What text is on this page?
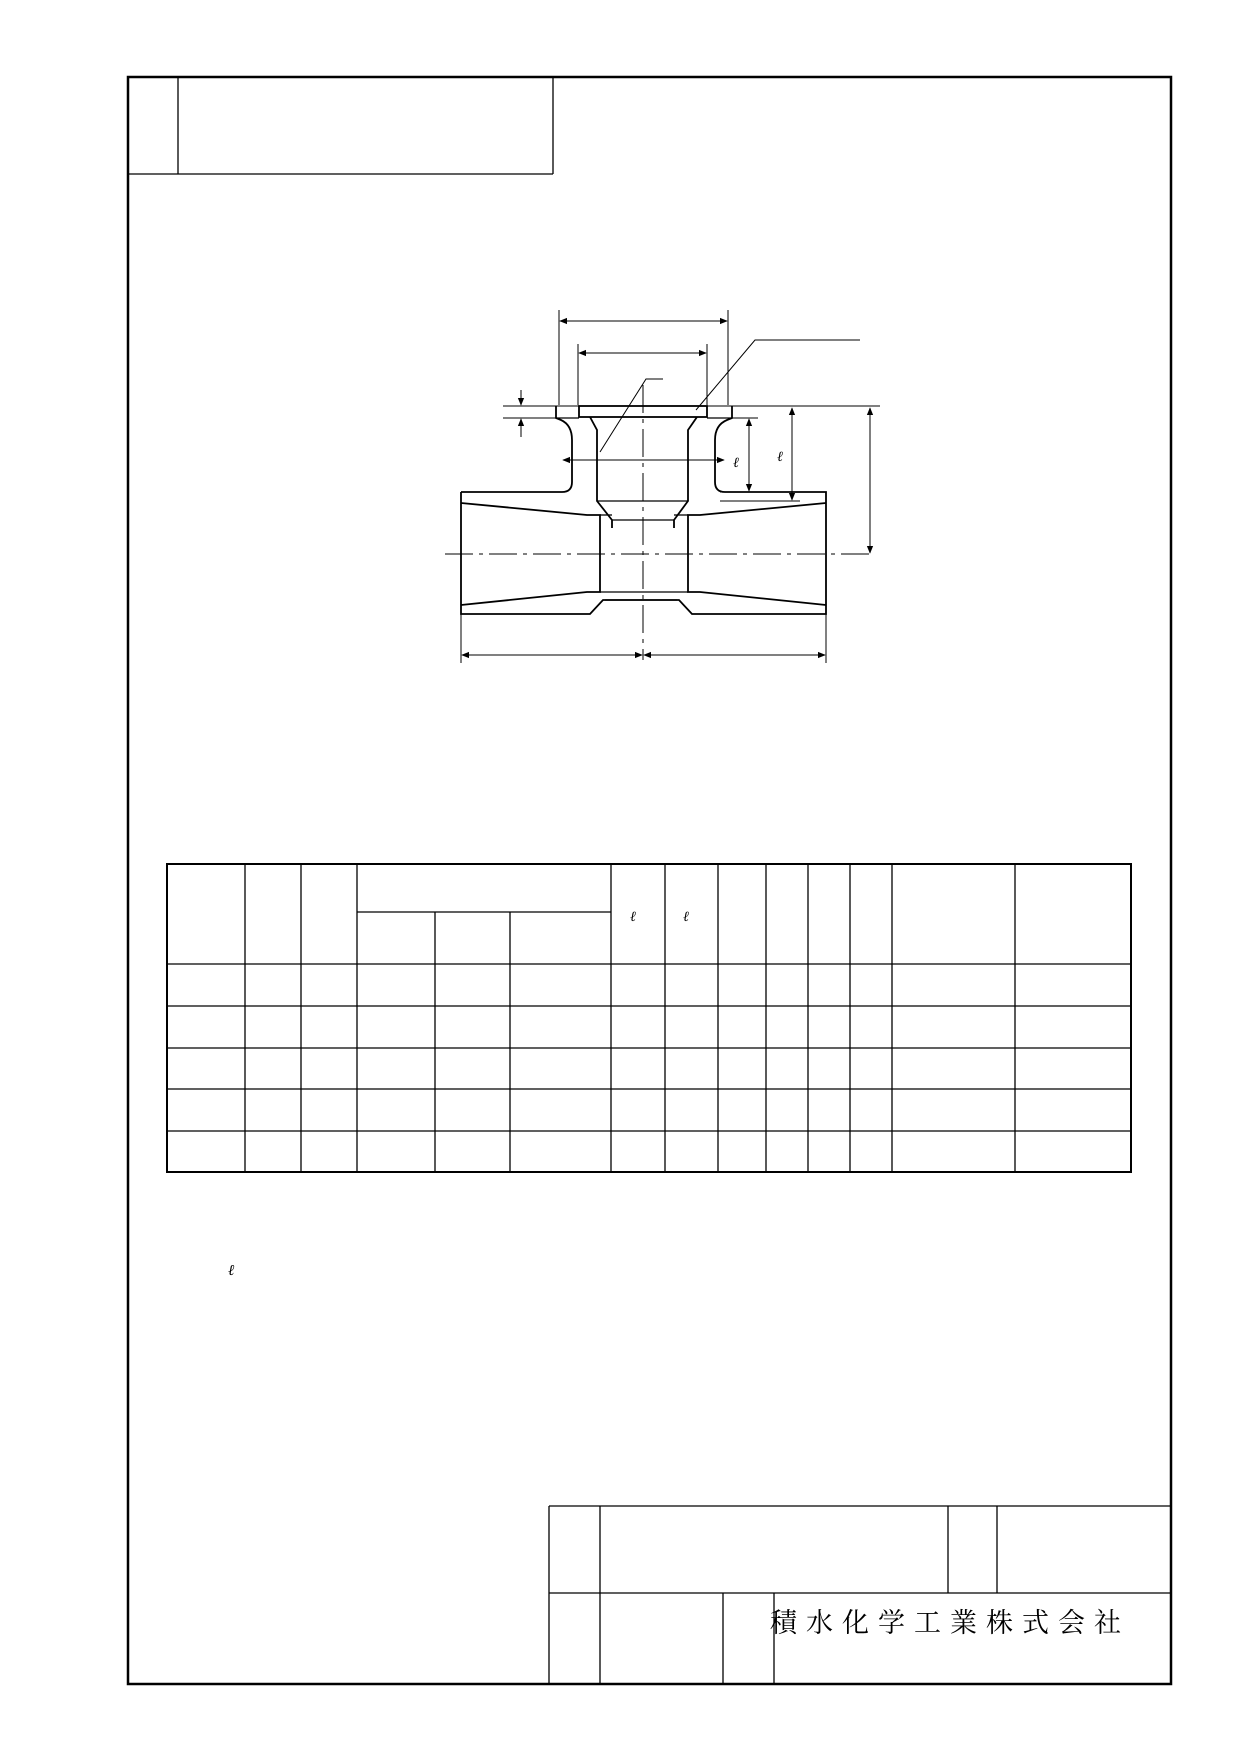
ℓ	ℓ
ℓ	ℓ
ℓ
積水化学工業株式会社
